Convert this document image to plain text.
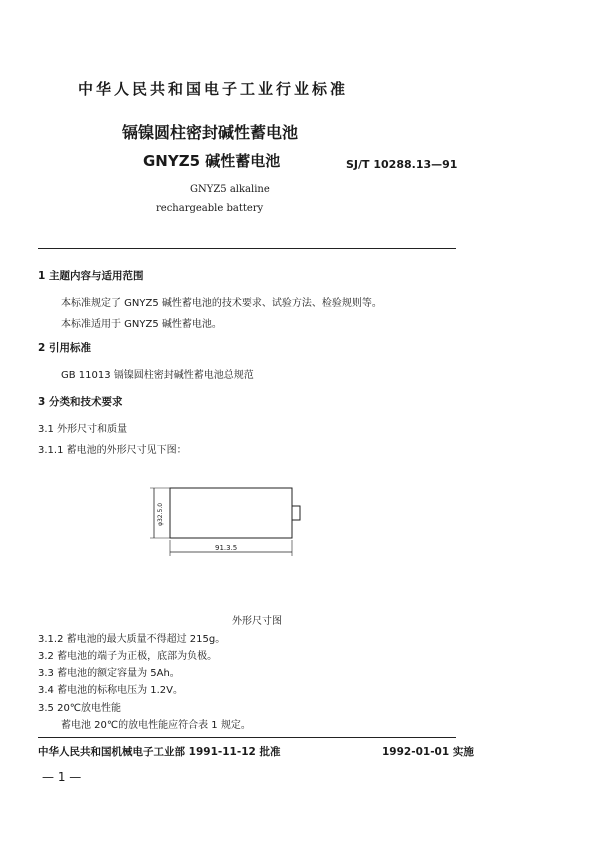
中华人民共和国电子工业行业标准
镉镍圆柱密封碱性蓄电池
GNYZ5 碱性蓄电池	SJ/T 10288.13—91
GNYZ5 alkaline
rechargeable battery
1 主题内容与适用范围
本标准规定了 GNYZ5 碱性蓄电池的技术要求、试验方法、检验规则等。
本标准适用于 GNYZ5 碱性蓄电池。
2 引用标准
GB 11013 镉镍圆柱密封碱性蓄电池总规范
3 分类和技术要求
3.1 外形尺寸和质量
3.1.1 蓄电池的外形尺寸见下图：
91.3.5
φ32.5.0
外形尺寸图
3.1.2 蓄电池的最大质量不得超过 215g。
3.2 蓄电池的端子为正极，底部为负极。
3.3 蓄电池的额定容量为 5Ah。
3.4 蓄电池的标称电压为 1.2V。
3.5 20℃放电性能
蓄电池 20℃的放电性能应符合表 1 规定。
中华人民共和国机械电子工业部 1991-11-12 批准	1992-01-01 实施
— 1 —
